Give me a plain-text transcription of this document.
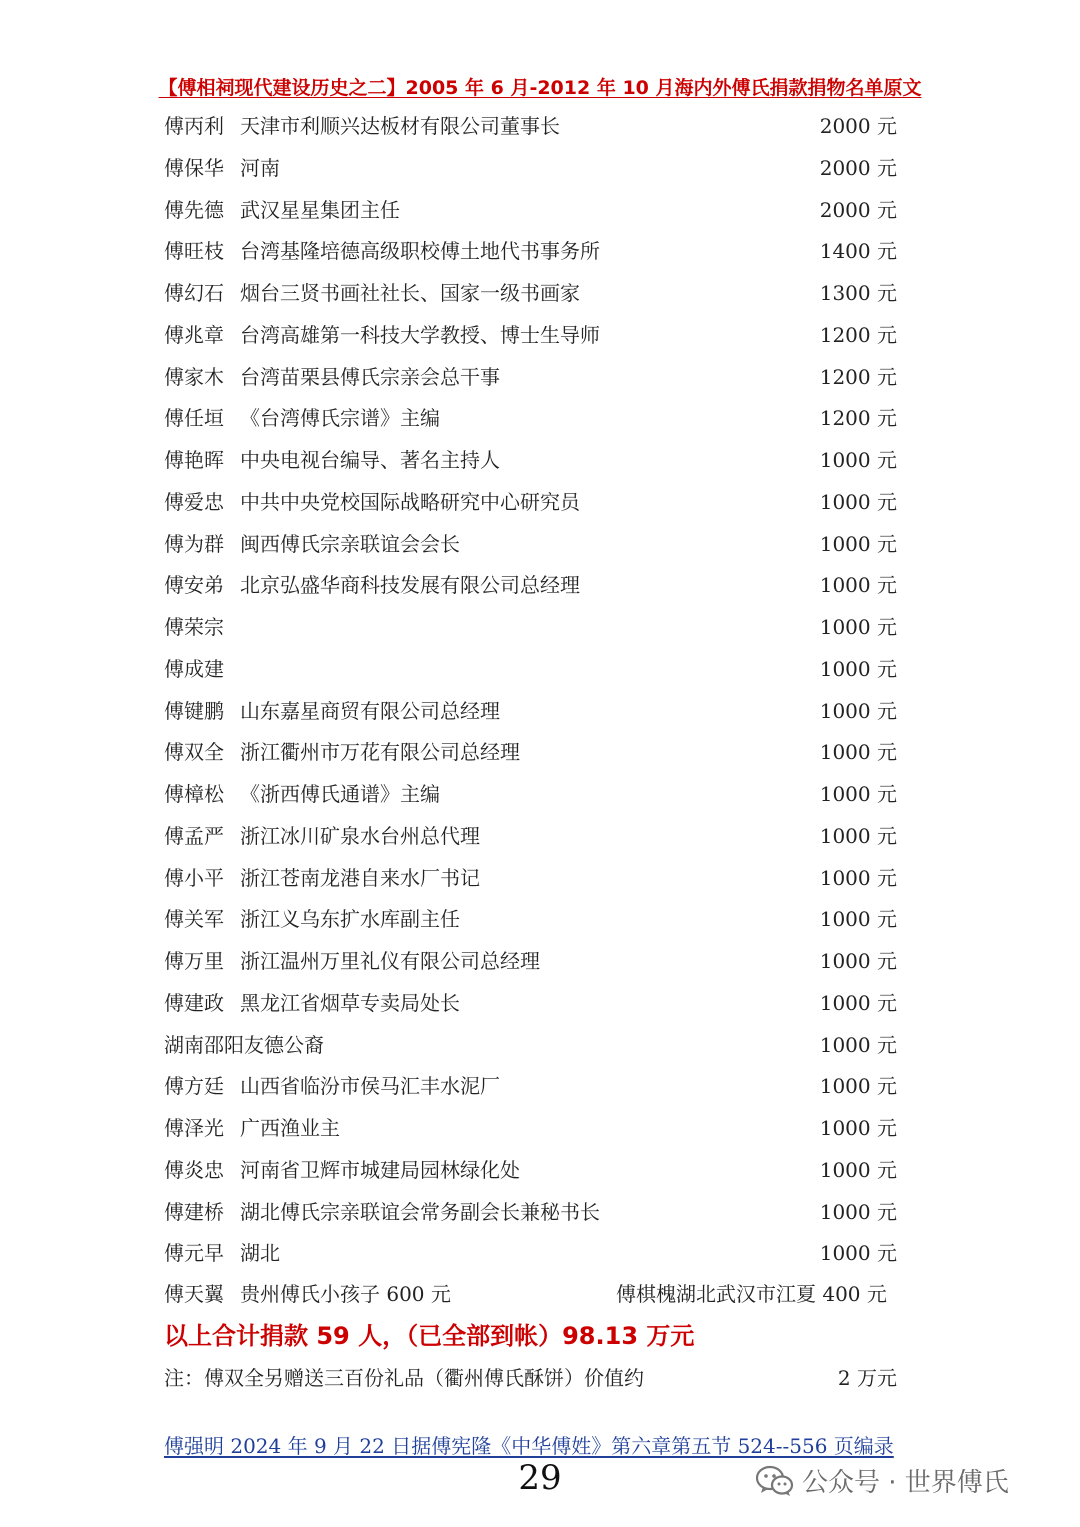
【傅相祠现代建设历史之二】2005 年 6 月-2012 年 10 月海内外傅氏捐款捐物名单原文
傅丙利 天津市利顺兴达板材有限公司董事长	2000 元
傅保华 河南	2000 元
傅先德 武汉星星集团主任	2000 元
傅旺枝 台湾基隆培德高级职校傅土地代书事务所	1400 元
傅幻石 烟台三贤书画社社长、国家一级书画家	1300 元
傅兆章 台湾高雄第一科技大学教授、博士生导师	1200 元
傅家木 台湾苗栗县傅氏宗亲会总干事	1200 元
傅任垣 《台湾傅氏宗谱》主编	1200 元
傅艳晖 中央电视台编导、著名主持人	1000 元
傅爱忠 中共中央党校国际战略研究中心研究员	1000 元
傅为群 闽西傅氏宗亲联谊会会长	1000 元
傅安弟 北京弘盛华商科技发展有限公司总经理	1000 元
傅荣宗	1000 元
傅成建	1000 元
傅键鹏 山东嘉星商贸有限公司总经理	1000 元
傅双全 浙江衢州市万花有限公司总经理	1000 元
傅樟松 《浙西傅氏通谱》主编	1000 元
傅孟严 浙江冰川矿泉水台州总代理	1000 元
傅小平 浙江苍南龙港自来水厂书记	1000 元
傅关军 浙江义乌东扩水库副主任	1000 元
傅万里 浙江温州万里礼仪有限公司总经理	1000 元
傅建政 黑龙江省烟草专卖局处长	1000 元
湖南邵阳友德公裔	1000 元
傅方廷 山西省临汾市侯马汇丰水泥厂	1000 元
傅泽光 广西渔业主	1000 元
傅炎忠 河南省卫辉市城建局园林绿化处	1000 元
傅建桥 湖北傅氏宗亲联谊会常务副会长兼秘书长	1000 元
傅元早 湖北	1000 元
傅天翼 贵州傅氏小孩子 600 元	傅棋槐湖北武汉市江夏 400 元
以上合计捐款 59 人，（已全部到帐）98.13 万元
注：傅双全另赠送三百份礼品（衢州傅氏酥饼）价值约	2 万元
傅强明 2024 年 9 月 22 日据傅宪隆《中华傅姓》第六章第五节 524--556 页编录
29	公众号 · 世界傅氏
